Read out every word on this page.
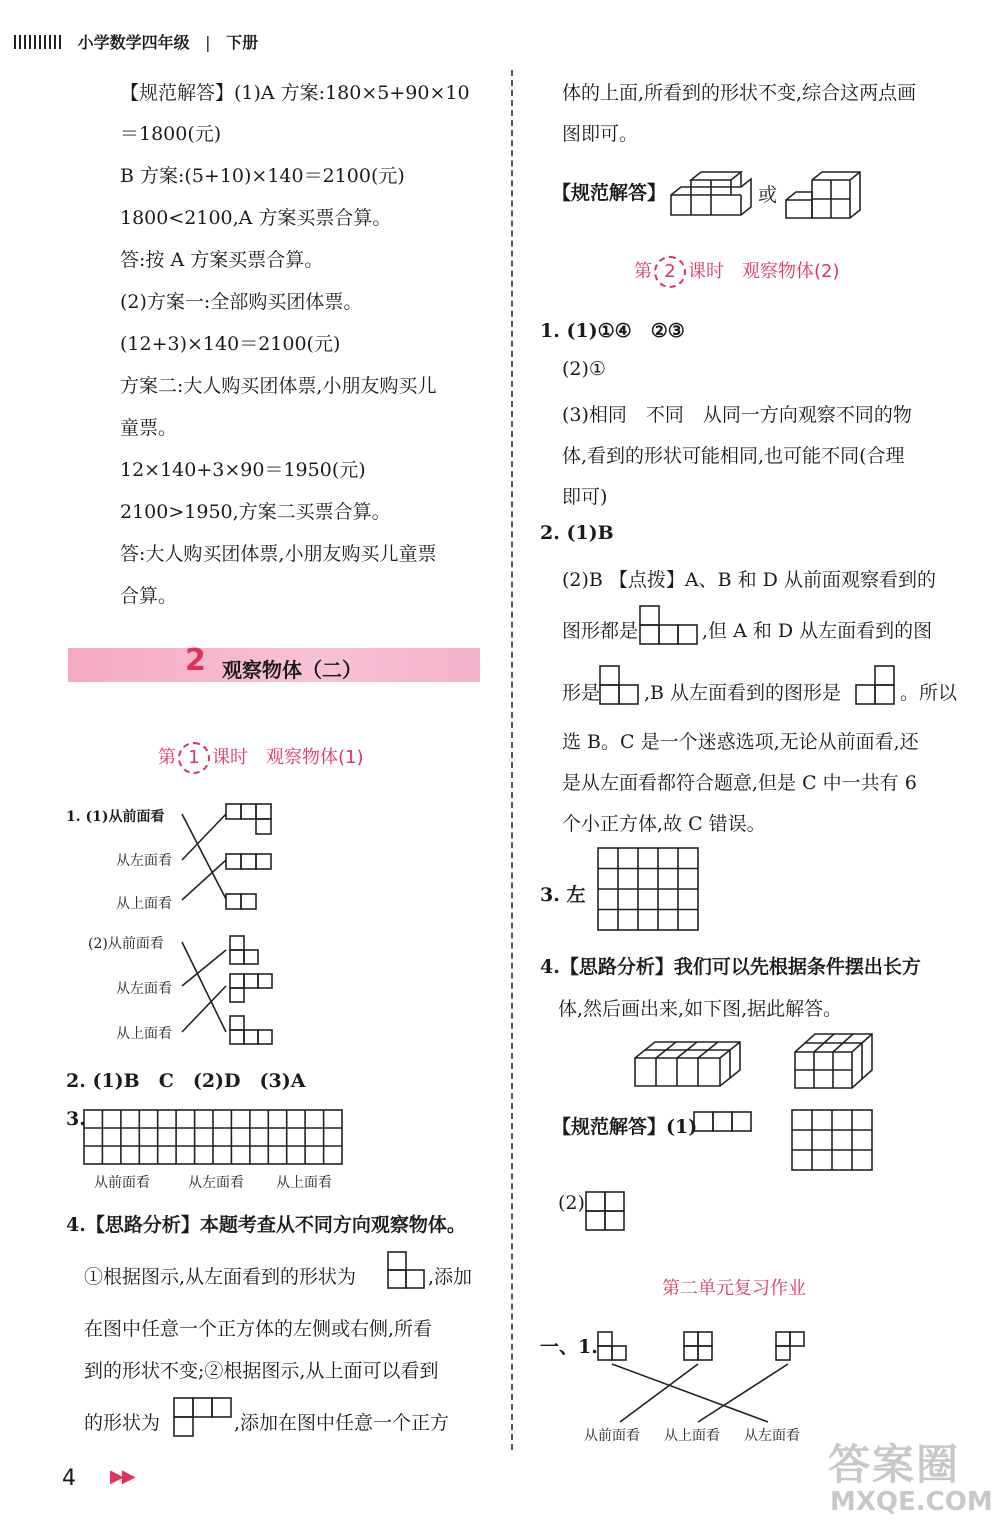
小学数学四年级 | 下册
【规范解答】(1)A 方案:180×5+90×10
＝1800(元)
B 方案:(5+10)×140＝2100(元)
1800<2100,A 方案买票合算。
答:按 A 方案买票合算。
(2)方案一:全部购买团体票。
(12+3)×140＝2100(元)
方案二:大人购买团体票,小朋友购买儿
童票。
12×140+3×90＝1950(元)
2100>1950,方案二买票合算。
答:大人购买团体票,小朋友购买儿童票
合算。
2 观察物体（二）
第 1 课时　观察物体(1)
1. (1)从前面看
从左面看
从上面看
(2)从前面看
从左面看
从上面看
2. (1)B　C　(2)D　(3)A
3.
从前面看	从左面看 从上面看
4.【思路分析】本题考查从不同方向观察物体。
①根据图示,从左面看到的形状为	,添加
在图中任意一个正方体的左侧或右侧,所看
到的形状不变;②根据图示,从上面可以看到
的形状为	,添加在图中任意一个正方
体的上面,所看到的形状不变,综合这两点画
图即可。
【规范解答】	或
第 2 课时　观察物体(2)
1. (1)①④　②③
(2)①
(3)相同　不同　从同一方向观察不同的物
体,看到的形状可能相同,也可能不同(合理
即可)
2. (1)B
(2)B 【点拨】A、B 和 D 从前面观察看到的
图形都是	,但 A 和 D 从左面看到的图
形是 ,B 从左面看到的图形是	。所以
选 B。C 是一个迷惑选项,无论从前面看,还
是从左面看都符合题意,但是 C 中一共有 6
个小正方体,故 C 错误。
3. 左
4.【思路分析】我们可以先根据条件摆出长方
体,然后画出来,如下图,据此解答。
【规范解答】(1)
(2)
第二单元复习作业
一、1.
从前面看 从上面看 从左面看
4 ▶▶	答案圈
MXQE.COM
